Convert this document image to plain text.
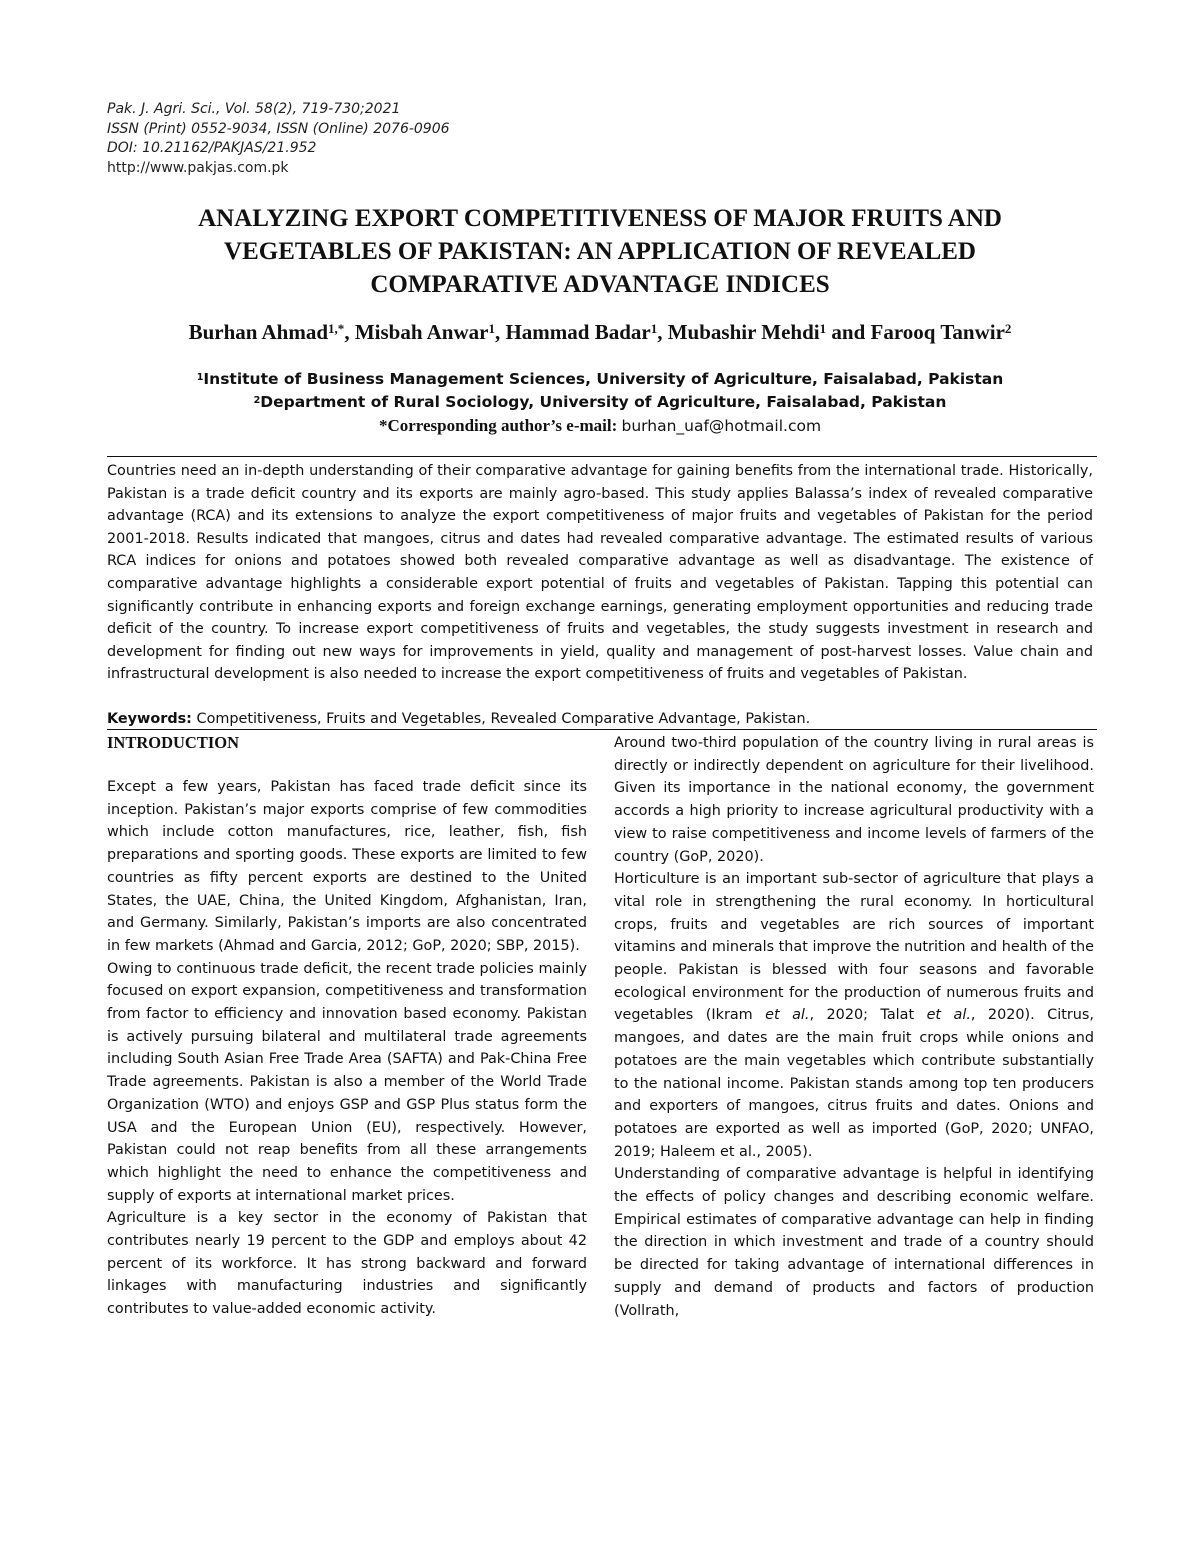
Pak. J. Agri. Sci., Vol. 58(2), 719-730;2021
ISSN (Print) 0552-9034, ISSN (Online) 2076-0906
DOI: 10.21162/PAKJAS/21.952
http://www.pakjas.com.pk
ANALYZING EXPORT COMPETITIVENESS OF MAJOR FRUITS AND
VEGETABLES OF PAKISTAN: AN APPLICATION OF REVEALED
COMPARATIVE ADVANTAGE INDICES
Burhan Ahmad$^{1,*}$, Misbah Anwar$^1$, Hammad Badar$^1$, Mubashir Mehdi$^1$ and Farooq Tanwir$^2$
$^1$Institute of Business Management Sciences, University of Agriculture, Faisalabad, Pakistan
$^2$Department of Rural Sociology, University of Agriculture, Faisalabad, Pakistan
*Corresponding author’s e-mail: burhan_uaf@hotmail.com
Countries need an in-depth understanding of their comparative advantage for gaining benefits from the international trade. Historically, Pakistan is a trade deficit country and its exports are mainly agro-based. This study applies Balassa’s index of revealed comparative advantage (RCA) and its extensions to analyze the export competitiveness of major fruits and vegetables of Pakistan for the period 2001-2018. Results indicated that mangoes, citrus and dates had revealed comparative advantage. The estimated results of various RCA indices for onions and potatoes showed both revealed comparative advantage as well as disadvantage. The existence of comparative advantage highlights a considerable export potential of fruits and vegetables of Pakistan. Tapping this potential can significantly contribute in enhancing exports and foreign exchange earnings, generating employment opportunities and reducing trade deficit of the country. To increase export competitiveness of fruits and vegetables, the study suggests investment in research and development for finding out new ways for improvements in yield, quality and management of post-harvest losses. Value chain and infrastructural development is also needed to increase the export competitiveness of fruits and vegetables of Pakistan.
Keywords: Competitiveness, Fruits and Vegetables, Revealed Comparative Advantage, Pakistan.

INTRODUCTION

Except a few years, Pakistan has faced trade deficit since its inception. Pakistan’s major exports comprise of few commodities which include cotton manufactures, rice, leather, fish, fish preparations and sporting goods. These exports are limited to few countries as fifty percent exports are destined to the United States, the UAE, China, the United Kingdom, Afghanistan, Iran, and Germany. Similarly, Pakistan’s imports are also concentrated in few markets (Ahmad and Garcia, 2012; GoP, 2020; SBP, 2015).

Owing to continuous trade deficit, the recent trade policies mainly focused on export expansion, competitiveness and transformation from factor to efficiency and innovation based economy. Pakistan is actively pursuing bilateral and multilateral trade agreements including South Asian Free Trade Area (SAFTA) and Pak-China Free Trade agreements. Pakistan is also a member of the World Trade Organization (WTO) and enjoys GSP and GSP Plus status form the USA and the European Union (EU), respectively. However, Pakistan could not reap benefits from all these arrangements which highlight the need to enhance the competitiveness and supply of exports at international market prices.

Agriculture is a key sector in the economy of Pakistan that contributes nearly 19 percent to the GDP and employs about 42 percent of its workforce. It has strong backward and forward linkages with manufacturing industries and significantly contributes to value-added economic activity.

Around two-third population of the country living in rural areas is directly or indirectly dependent on agriculture for their livelihood. Given its importance in the national economy, the government accords a high priority to increase agricultural productivity with a view to raise competitiveness and income levels of farmers of the country (GoP, 2020).

Horticulture is an important sub-sector of agriculture that plays a vital role in strengthening the rural economy. In horticultural crops, fruits and vegetables are rich sources of important vitamins and minerals that improve the nutrition and health of the people. Pakistan is blessed with four seasons and favorable ecological environment for the production of numerous fruits and vegetables (Ikram et al., 2020; Talat et al., 2020). Citrus, mangoes, and dates are the main fruit crops while onions and potatoes are the main vegetables which contribute substantially to the national income. Pakistan stands among top ten producers and exporters of mangoes, citrus fruits and dates. Onions and potatoes are exported as well as imported (GoP, 2020; UNFAO, 2019; Haleem et al., 2005).

Understanding of comparative advantage is helpful in identifying the effects of policy changes and describing economic welfare. Empirical estimates of comparative advantage can help in finding the direction in which investment and trade of a country should be directed for taking advantage of international differences in supply and demand of products and factors of production (Vollrath,
